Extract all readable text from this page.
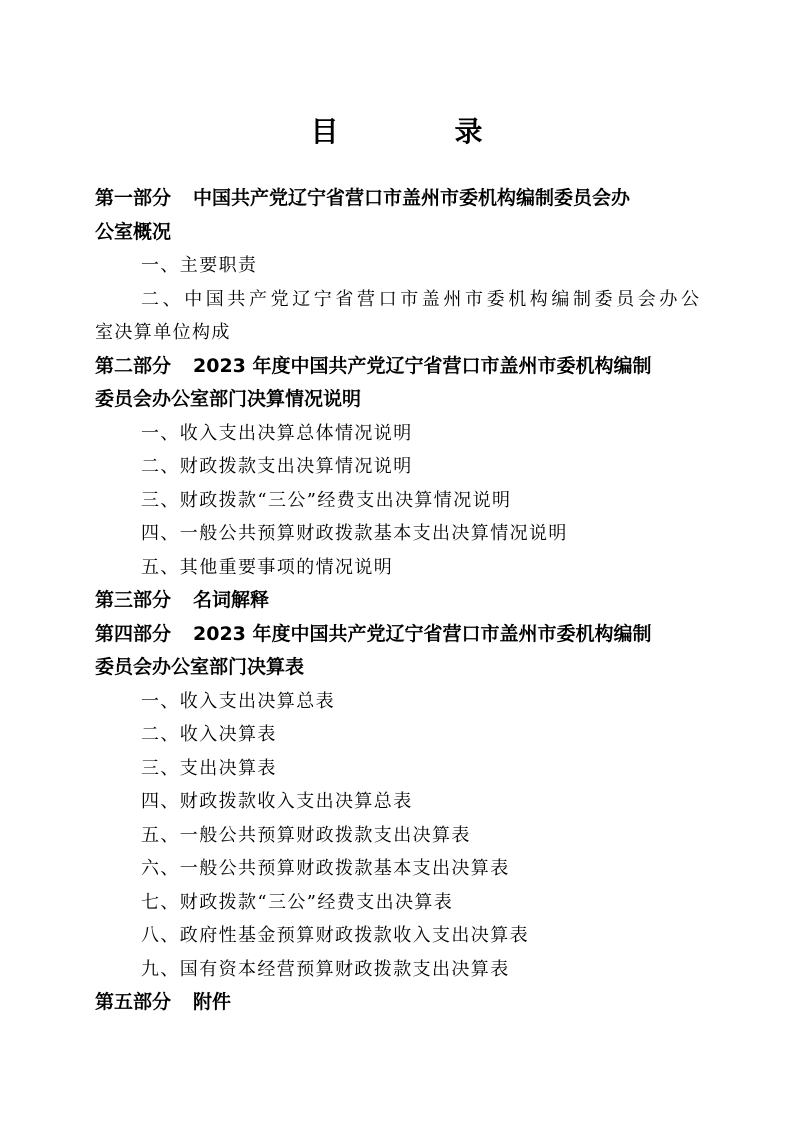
目　录
第一部分 中国共产党辽宁省营口市盖州市委机构编制委员会办
公室概况
一、主要职责
二、中国共产党辽宁省营口市盖州市委机构编制委员会办公
室决算单位构成
第二部分 2023 年度中国共产党辽宁省营口市盖州市委机构编制
委员会办公室部门决算情况说明
一、收入支出决算总体情况说明
二、财政拨款支出决算情况说明
三、财政拨款“三公”经费支出决算情况说明
四、一般公共预算财政拨款基本支出决算情况说明
五、其他重要事项的情况说明
第三部分 名词解释
第四部分 2023 年度中国共产党辽宁省营口市盖州市委机构编制
委员会办公室部门决算表
一、收入支出决算总表
二、收入决算表
三、支出决算表
四、财政拨款收入支出决算总表
五、一般公共预算财政拨款支出决算表
六、一般公共预算财政拨款基本支出决算表
七、财政拨款“三公”经费支出决算表
八、政府性基金预算财政拨款收入支出决算表
九、国有资本经营预算财政拨款支出决算表
第五部分 附件
